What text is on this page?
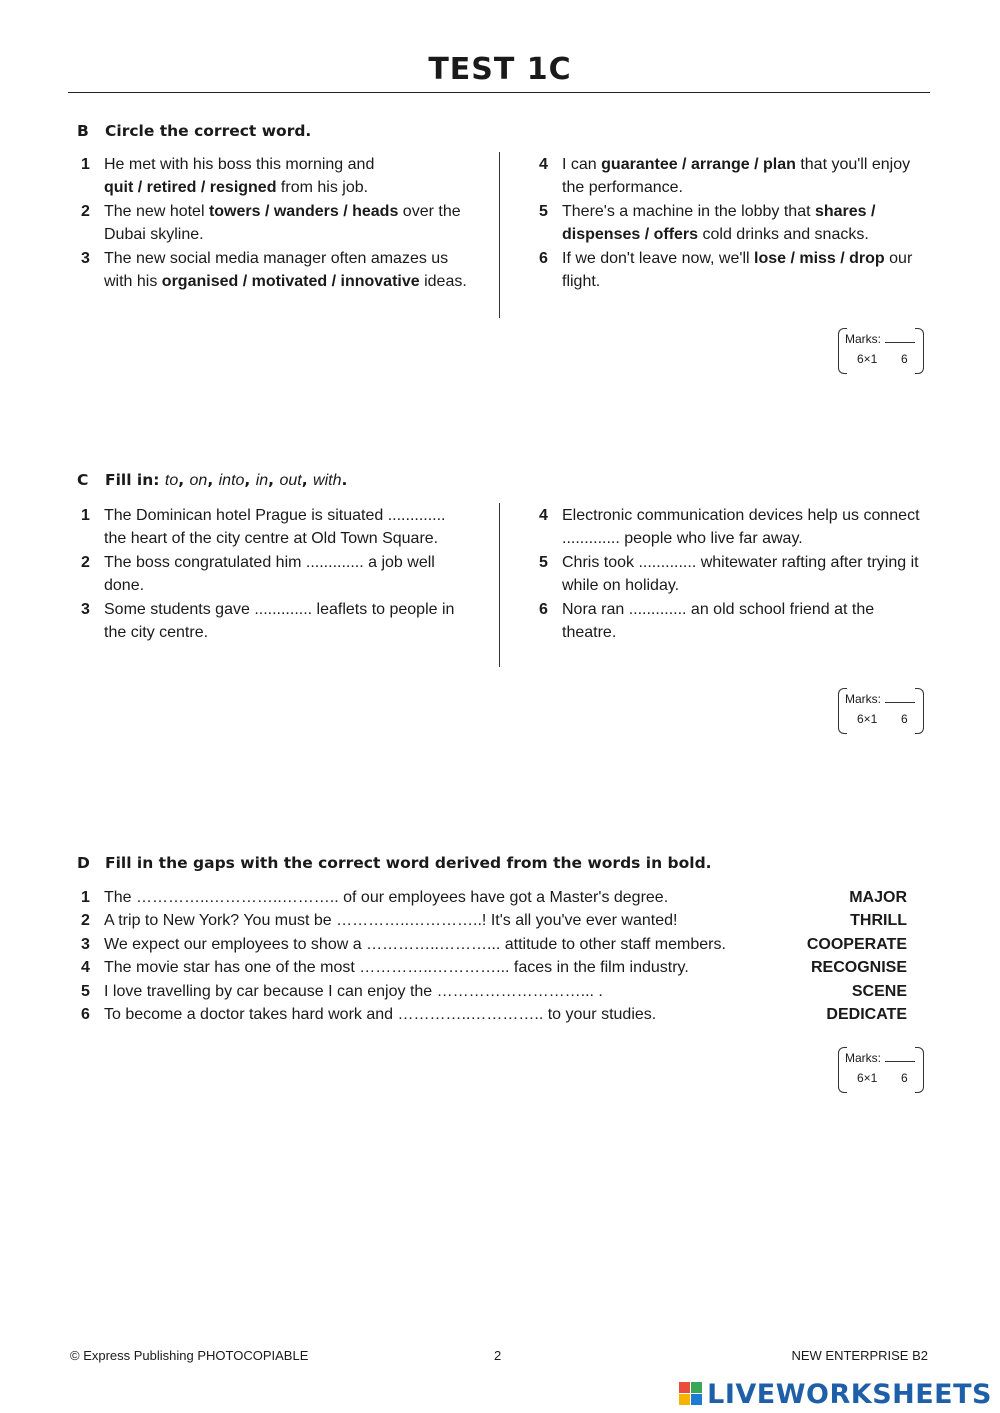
TEST 1C
B Circle the correct word.
1 He met with his boss this morning and
quit / retired / resigned from his job.
2 The new hotel towers / wanders / heads over the Dubai skyline.
3 The new social media manager often amazes us with his organised / motivated / innovative ideas.
4 I can guarantee / arrange / plan that you'll enjoy the performance.
5 There's a machine in the lobby that shares / dispenses / offers cold drinks and snacks.
6 If we don't leave now, we'll lose / miss / drop our flight.
Marks:
6×1 6
C Fill in: to, on, into, in, out, with.
1 The Dominican hotel Prague is situated ............. the heart of the city centre at Old Town Square.
2 The boss congratulated him ............. a job well done.
3 Some students gave ............. leaflets to people in the city centre.
4 Electronic communication devices help us connect ............. people who live far away.
5 Chris took ............. whitewater rafting after trying it while on holiday.
6 Nora ran ............. an old school friend at the theatre.
Marks:
6×1 6
D Fill in the gaps with the correct word derived from the words in bold.
1 The …………..…………..……….. of our employees have got a Master's degree.	MAJOR
2 A trip to New York? You must be …………..…………..! It's all you've ever wanted!	THRILL
3 We expect our employees to show a …………..………... attitude to other staff members.	COOPERATE
4 The movie star has one of the most …………..…………... faces in the film industry.	RECOGNISE
5 I love travelling by car because I can enjoy the ………………………... .	SCENE
6 To become a doctor takes hard work and …………..………….. to your studies.	DEDICATE
Marks:
6×1 6
© Express Publishing PHOTOCOPIABLE	2	NEW ENTERPRISE B2
LIVEWORKSHEETS
